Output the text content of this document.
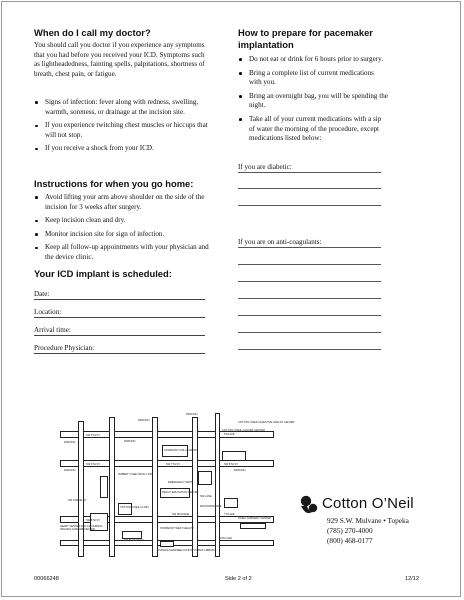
When do I call my doctor?
You should call you doctor if you experience any symptoms that you had before you received your ICD. Symptoms such as lightheadedness, fainting spells, palpitations, shortness of breath, chest pain, or fatigue.
Signs of infection: fever along with redness, swelling, warmth, soreness, or drainage at the incision site.
If you experience twitching chest muscles or hiccups that will not stop.
If you receive a shock from your ICD.
Instructions for when you go home:
Avoid lifting your arm above shoulder on the side of the incision for 3 weeks after surgery.
Keep incision clean and dry.
Monitor incision site for sign of infection.
Keep all follow-up appointments with your physician and the device clinic.
Your ICD implant is scheduled:
Date:
Location:
Arrival time:
Procedure Physician:
How to prepare for pacemaker implantation
Do not eat or drink for 6 hours prior to surgery.
Bring a complete list of current medications with you.
Bring an overnight bag, you will be spending the night.
Take all of your current medications with a sip of water the morning of the procedure, except medications listed below:
If you are diabetic:
If you are on anti-coagulants:
PARKING
PARKING
PARKING	PARKING
PARKING	PARKING
SW 5TH ST
SW 6TH ST	SW 7TH ST
SW 8TH ST
SW 8TH ST
COTTON O'NEIL CANCER CENTER
COTTON O'NEIL DIGESTIVE HEALTH CENTER
STORMONT VAIL HOSPITAL
ROBERT O'NEIL BLDG 1700
PEGGY EDUCATION CENTER
EMERGENCY DEPT
COTTON O'NEIL CLINIC
STORMONT WEST HEALTH
O'NEIL SURGERY CENTER
TOPEKA SHAWNEE COUNTY PUBLIC LIBRARY
HEART CENTER AND CV CARDIAC IMAGING & REHAB CENTER
MAIN ENTRANCE
10TH AVE
6TH AVE
7TH AVE
SW BUCHANAN
SW HORNE ST
SW MULVANE
SW LANE	Cotton O’Neil
929 S.W. Mulvane • Topeka
(785) 270-4000
(800) 468-0177
00066248	Side 2 of 2	12/12
